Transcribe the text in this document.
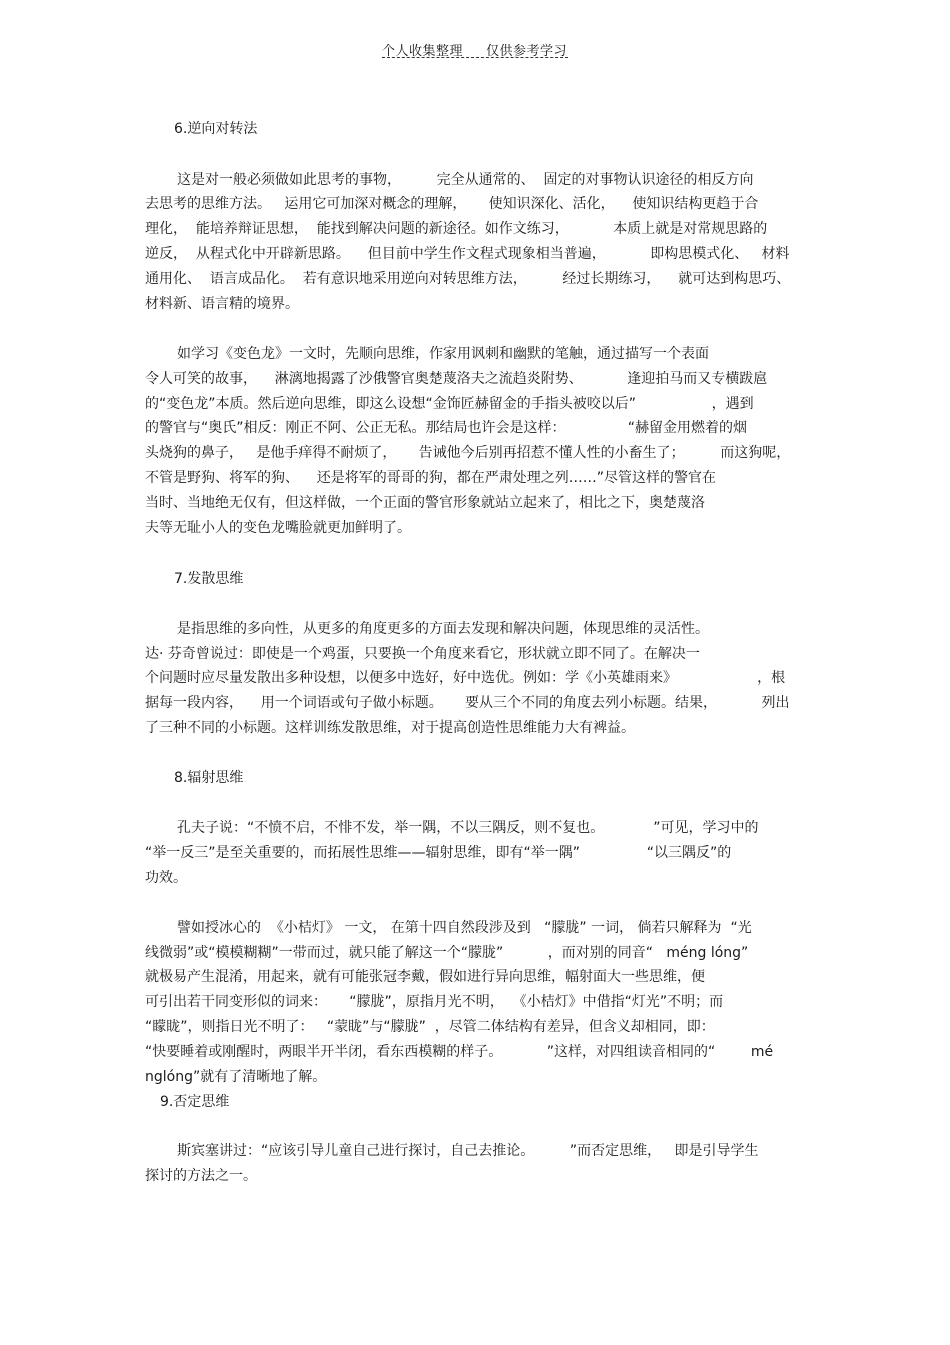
个人收集整理 仅供参考学习
6.逆向对转法
这是对一般必须做如此思考的事物，        完全从通常的、  固定的对事物认识途径的相反方向
去思考的思维方法。   运用它可加深对概念的理解，     使知识深化、活化，    使知识结构更趋于合
理化，  能培养辩证思想，  能找到解决问题的新途径。如作文练习，          本质上就是对常规思路的
逆反，  从程式化中开辟新思路。    但目前中学生作文程式现象相当普遍，          即构思模式化、   材料
通用化、  语言成品化。  若有意识地采用逆向对转思维方法，        经过长期练习，    就可达到构思巧、
材料新、语言精的境界。
如学习《变色龙》一文时，先顺向思维，作家用讽刺和幽默的笔触，通过描写一个表面
令人可笑的故事，    淋漓地揭露了沙俄警官奥楚蔑洛夫之流趋炎附势、          逢迎拍马而又专横跋扈
的“变色龙”本质。然后逆向思维，即这么设想“金饰匠赫留金的手指头被咬以后”                 ，遇到
的警官与“奥氏”相反：刚正不阿、公正无私。那结局也许会是这样：              “赫留金用燃着的烟
头烧狗的鼻子，   是他手痒得不耐烦了，     告诫他今后别再招惹不懂人性的小畜生了；        而这狗呢，
不管是野狗、将军的狗、    还是将军的哥哥的狗，都在严肃处理之列……”尽管这样的警官在
当时、当地绝无仅有，但这样做，一个正面的警官形象就站立起来了，相比之下，奥楚蔑洛
夫等无耻小人的变色龙嘴脸就更加鲜明了。
7.发散思维
是指思维的多向性，从更多的角度更多的方面去发现和解决问题，体现思维的灵活性。
达· 芬奇曾说过：即使是一个鸡蛋，只要换一个角度来看它，形状就立即不同了。在解决一
个问题时应尽量发散出多种设想，以便多中选好，好中选优。例如：学《小英雄雨来》                  ，根
据每一段内容，    用一个词语或句子做小标题。     要从三个不同的角度去列小标题。结果，          列出
了三种不同的小标题。这样训练发散思维，对于提高创造性思维能力大有裨益。
8.辐射思维
孔夫子说：“不愤不启，不悱不发，举一隅，不以三隅反，则不复也。           ”可见，学习中的
“举一反三”是至关重要的，而拓展性思维——辐射思维，即有“举一隅”               “以三隅反”的
功效。
譬如授冰心的  《小桔灯》 一文， 在第十四自然段涉及到   “朦胧” 一词， 倘若只解释为  “光
线微弱”或“模模糊糊”一带而过，就只能了解这一个“朦胧”          ，而对别的同音“   méng lóng”
就极易产生混淆，用起来，就有可能张冠李戴，假如进行异向思维，幅射面大一些思维，便
可引出若干同变形似的词来：     “朦胧”，原指月光不明，  《小桔灯》中借指“灯光”不明；而
“矇眬”，则指日光不明了：   “蒙眬”与“朦胧”  ，尽管二体结构有差异，但含义却相同，即：
“快要睡着或刚醒时，两眼半开半闭，看东西模糊的样子。          ”这样，对四组读音相同的“        mé
nglóng”就有了清晰地了解。
9.否定思维
斯宾塞讲过：“应该引导儿童自己进行探讨，自己去推论。        ”而否定思维，   即是引导学生
探讨的方法之一。
